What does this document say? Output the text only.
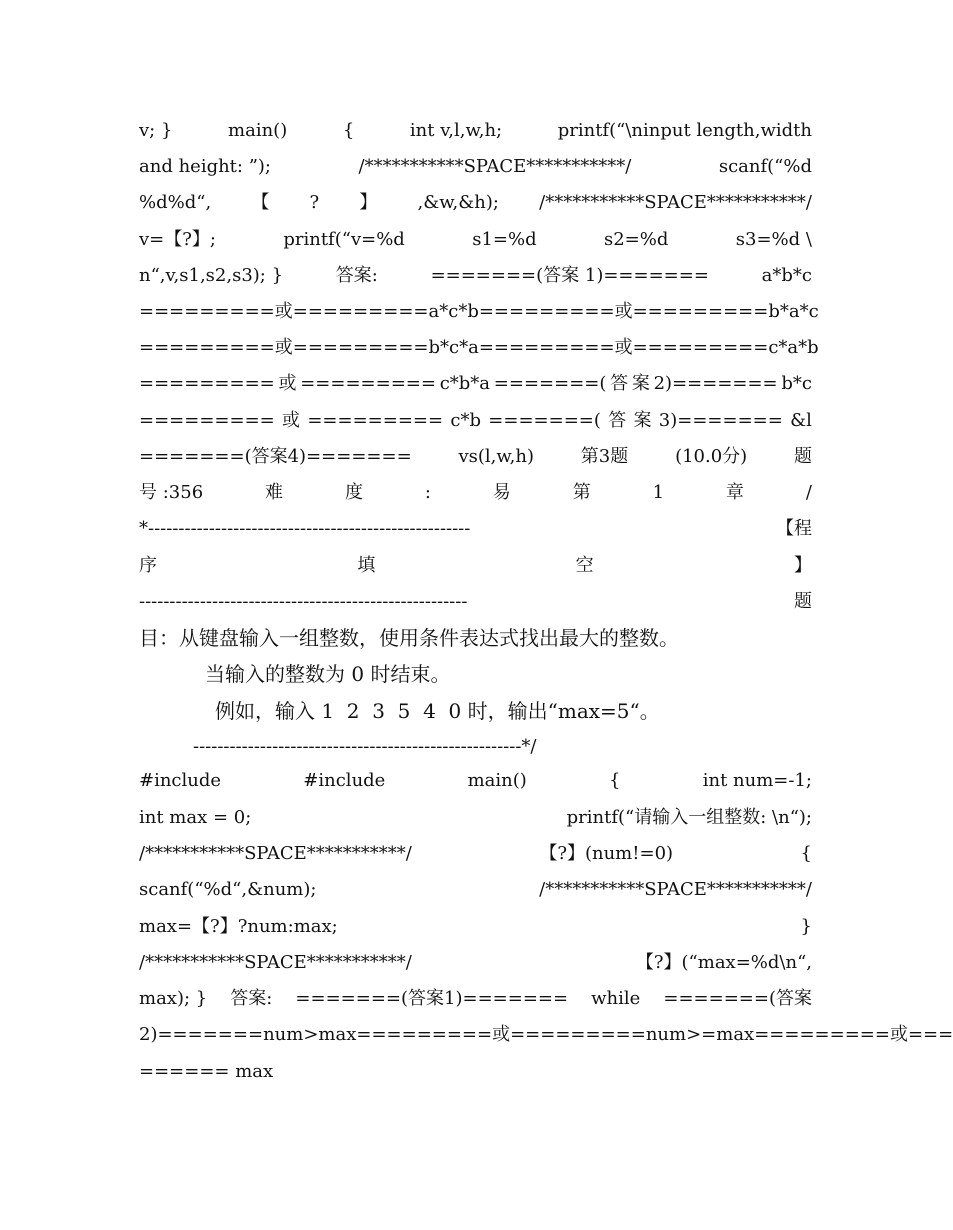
v; }	main()	{	int v,l,w,h;	printf(“\ninput length,width
and height: ”);	/***********SPACE***********/	scanf(“%d
%d%d“, 【 ? 】 ,&w,&h); /***********SPACE***********/
v=【?】;	printf(“v=%d	s1=%d	s2=%d	s3=%d \
n“,v,s1,s2,s3); }	答案:	=======(答案 1)=======	a*b*c
========= 或 ========= a*c*b ========= 或 ========= b*a*c
========= 或 ========= b*c*a ========= 或 ========= c*a*b
========= 或 ========= c*b*a =======( 答 案 2)======= b*c
========= 或 ========= c*b =======( 答 案 3)======= &l
=======(答案4)=======	vs(l,w,h)	第3题	(10.0分)	题
号 :356	难	度	:	易	第	1	章	/
*-----------------------------------------------------	【程
序	填	空	】
------------------------------------------------------	题
目：从键盘输入一组整数，使用条件表达式找出最大的整数。
当输入的整数为 0 时结束。
例如，输入 1  2  3  5  4  0 时，输出“max=5“。
------------------------------------------------------*/
#include	#include	main()	{	int num=-1;
int max = 0;	printf(“请输入一组整数: \n“);
/***********SPACE***********/	【?】(num!=0)	{
scanf(“%d“,&num);	/***********SPACE***********/
max = 【 ? 】 ? num : max;	}
/***********SPACE***********/	【?】(“max=%d\n“,
max); } 答案: =======(答案1)======= while =======(答案
2)======= num>max =========或========= num>=max =========或===
====== max
